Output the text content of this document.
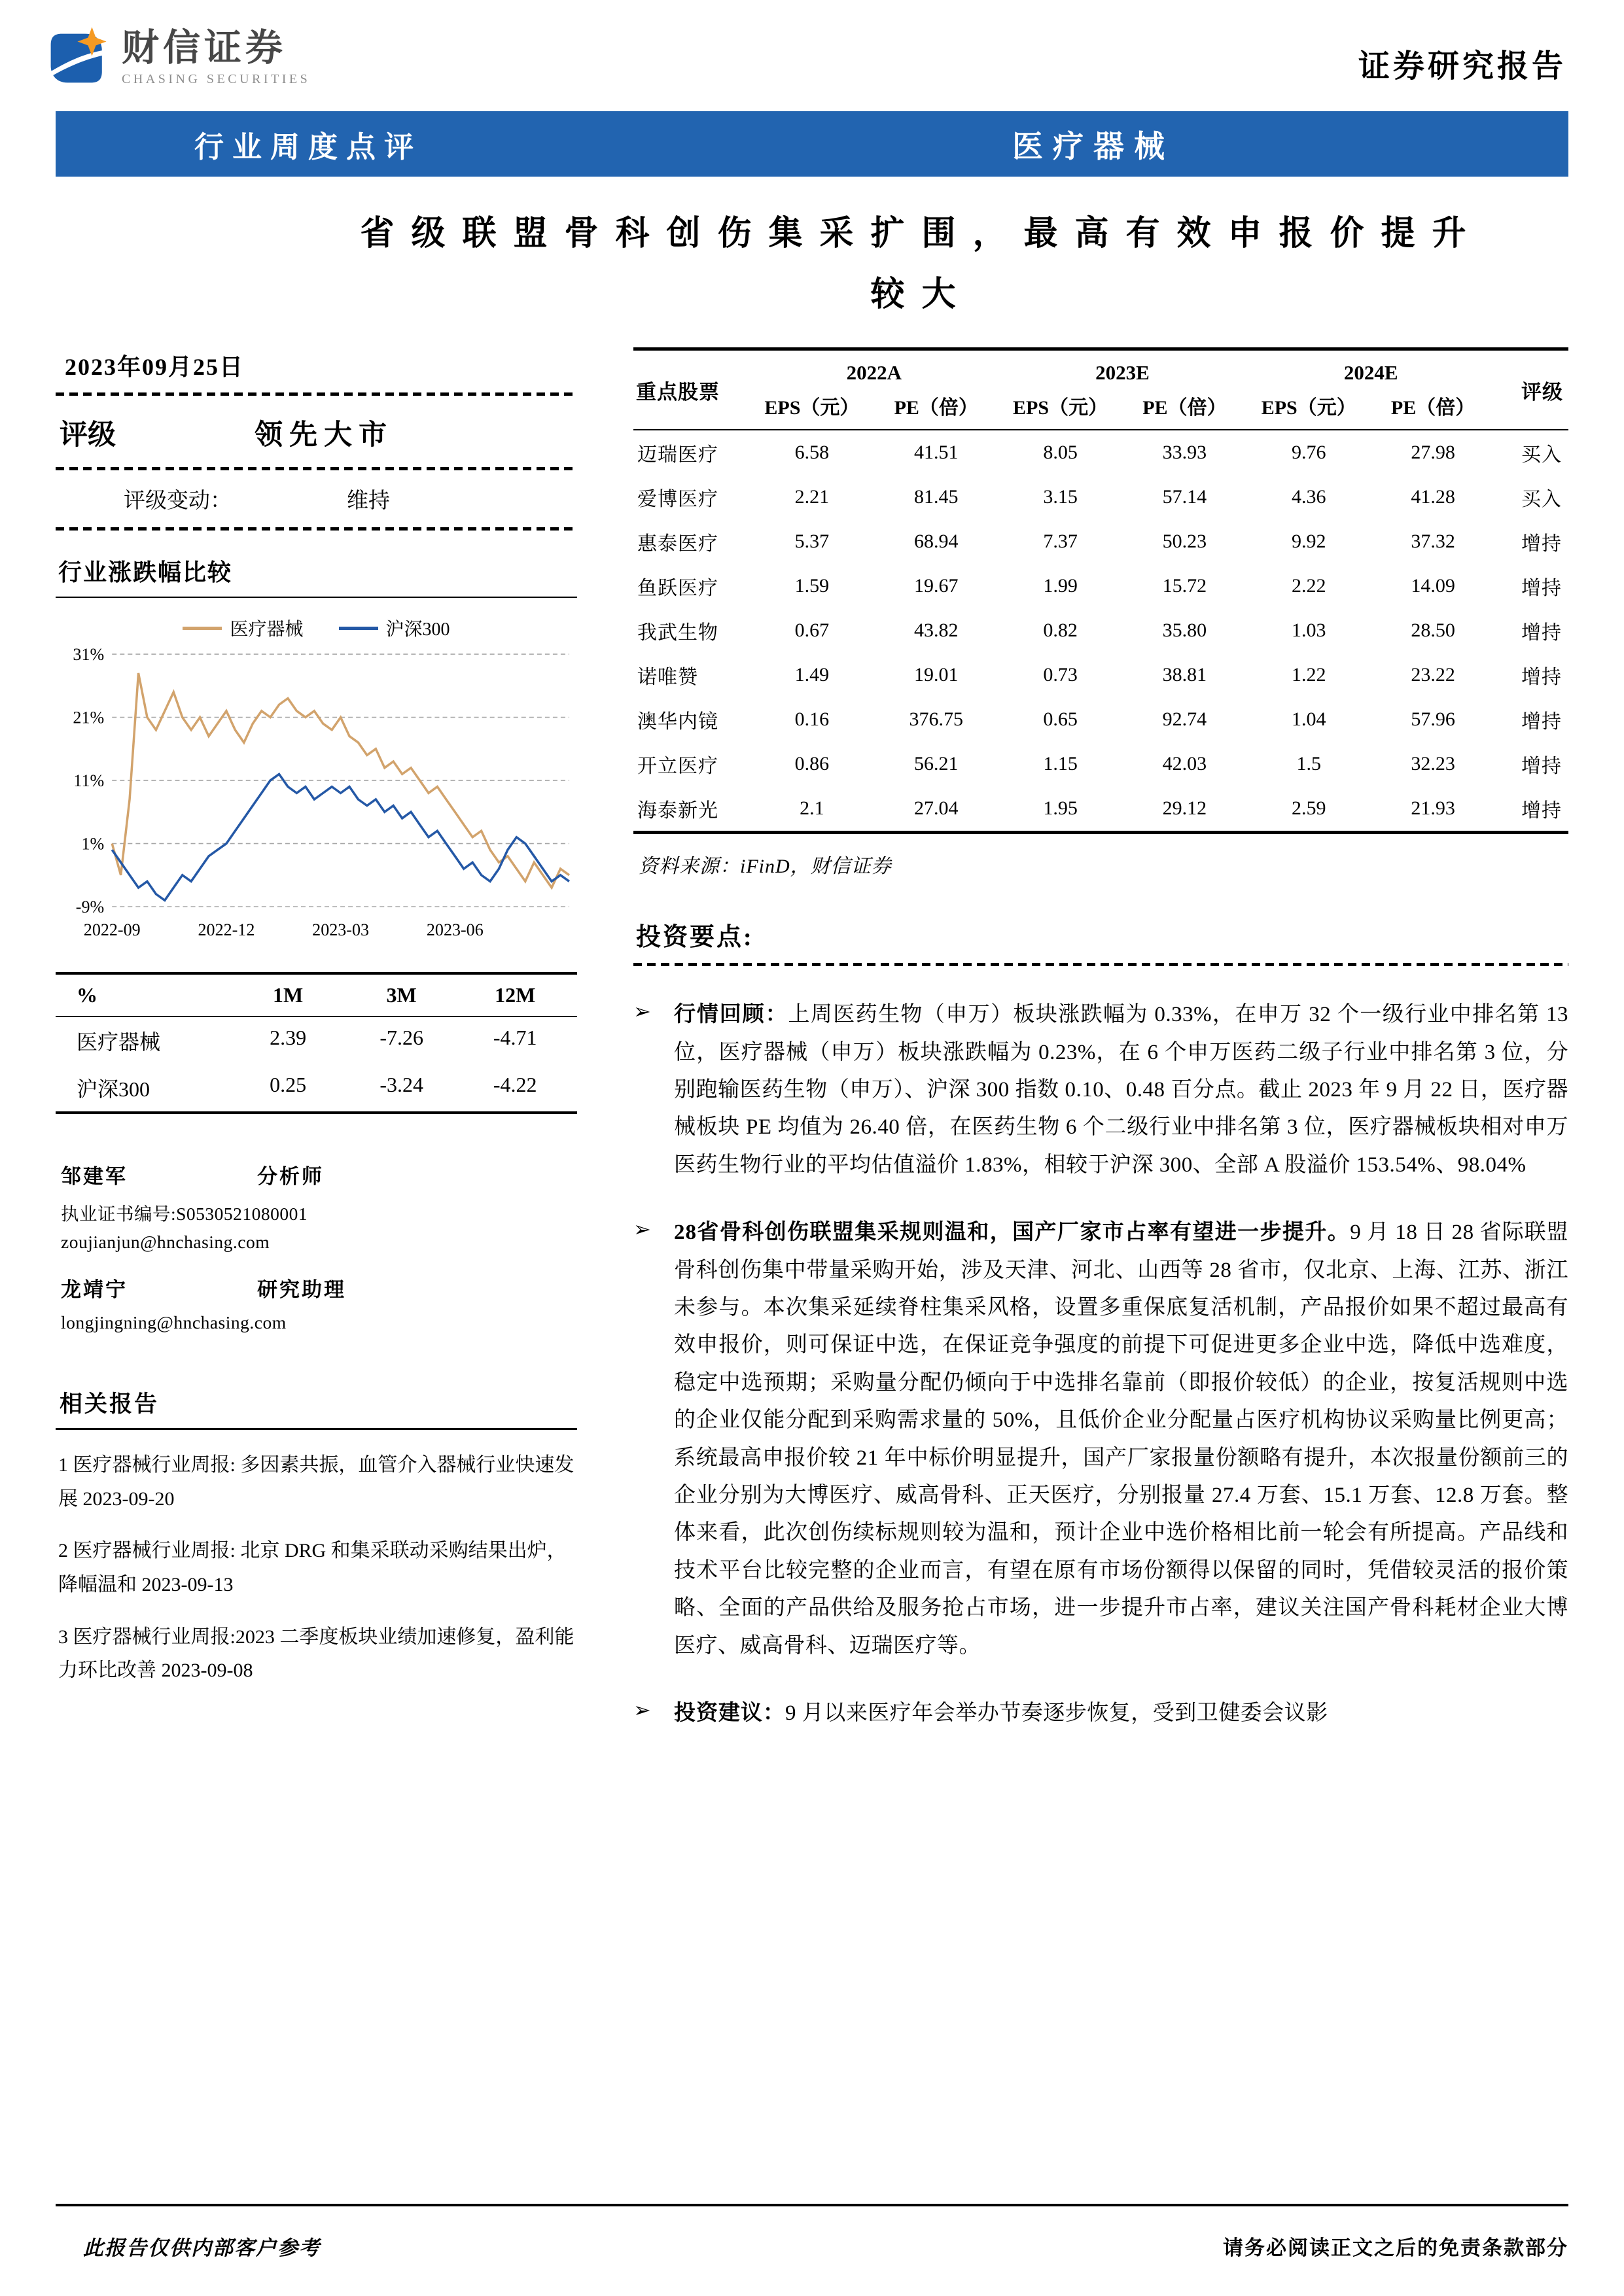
财信证券
CHASING SECURITIES	证券研究报告
行业周度点评	医疗器械
省级联盟骨科创伤集采扩围，最高有效申报价提升
较大
2023年09月25日
评级	领先大市
评级变动：	维持
行业涨跌幅比较
医疗器械	沪深300
31%
21%
11%
1%
-9%
2022-09	2022-12	2023-03	2023-06
%	1M	3M	12M
医疗器械	2.39	-7.26	-4.71
沪深300	0.25	-3.24	-4.22
邹建军	分析师
执业证书编号:S0530521080001
zoujianjun@hnchasing.com
龙靖宁	研究助理
longjingning@hnchasing.com
相关报告
1 医疗器械行业周报: 多因素共振，血管介入器械行业快速发展 2023-09-20
2 医疗器械行业周报: 北京 DRG 和集采联动采购结果出炉，降幅温和 2023-09-13
3 医疗器械行业周报:2023 二季度板块业绩加速修复，盈利能力环比改善 2023-09-08
重点股票
2022A	2023E	2024E
评级
EPS（元）	PE（倍）	EPS（元）	PE（倍）	EPS（元）	PE（倍）
迈瑞医疗	6.58	41.51	8.05	33.93	9.76	27.98	买入
爱博医疗	2.21	81.45	3.15	57.14	4.36	41.28	买入
惠泰医疗	5.37	68.94	7.37	50.23	9.92	37.32	增持
鱼跃医疗	1.59	19.67	1.99	15.72	2.22	14.09	增持
我武生物	0.67	43.82	0.82	35.80	1.03	28.50	增持
诺唯赞	1.49	19.01	0.73	38.81	1.22	23.22	增持
澳华内镜	0.16	376.75	0.65	92.74	1.04	57.96	增持
开立医疗	0.86	56.21	1.15	42.03	1.5	32.23	增持
海泰新光	2.1	27.04	1.95	29.12	2.59	21.93	增持
资料来源：iFinD，财信证券
投资要点:
➢	行情回顾：上周医药生物（申万）板块涨跌幅为 0.33%，在申万 32 个一级行业中排名第 13 位，医疗器械（申万）板块涨跌幅为 0.23%，在 6 个申万医药二级子行业中排名第 3 位，分别跑输医药生物（申万）、沪深 300 指数 0.10、0.48 百分点。截止 2023 年 9 月 22 日，医疗器械板块 PE 均值为 26.40 倍，在医药生物 6 个二级行业中排名第 3 位，医疗器械板块相对申万医药生物行业的平均估值溢价 1.83%，相较于沪深 300、全部 A 股溢价 153.54%、98.04%
➢	28省骨科创伤联盟集采规则温和，国产厂家市占率有望进一步提升。9 月 18 日 28 省际联盟骨科创伤集中带量采购开始，涉及天津、河北、山西等 28 省市，仅北京、上海、江苏、浙江未参与。本次集采延续脊柱集采风格，设置多重保底复活机制，产品报价如果不超过最高有效申报价，则可保证中选，在保证竞争强度的前提下可促进更多企业中选，降低中选难度，稳定中选预期；采购量分配仍倾向于中选排名靠前（即报价较低）的企业，按复活规则中选的企业仅能分配到采购需求量的 50%，且低价企业分配量占医疗机构协议采购量比例更高；系统最高申报价较 21 年中标价明显提升，国产厂家报量份额略有提升，本次报量份额前三的企业分别为大博医疗、威高骨科、正天医疗，分别报量 27.4 万套、15.1 万套、12.8 万套。整体来看，此次创伤续标规则较为温和，预计企业中选价格相比前一轮会有所提高。产品线和技术平台比较完整的企业而言，有望在原有市场份额得以保留的同时，凭借较灵活的报价策略、全面的产品供给及服务抢占市场，进一步提升市占率，建议关注国产骨科耗材企业大博医疗、威高骨科、迈瑞医疗等。
➢	投资建议：9 月以来医疗年会举办节奏逐步恢复，受到卫健委会议影
此报告仅供内部客户参考	请务必阅读正文之后的免责条款部分
